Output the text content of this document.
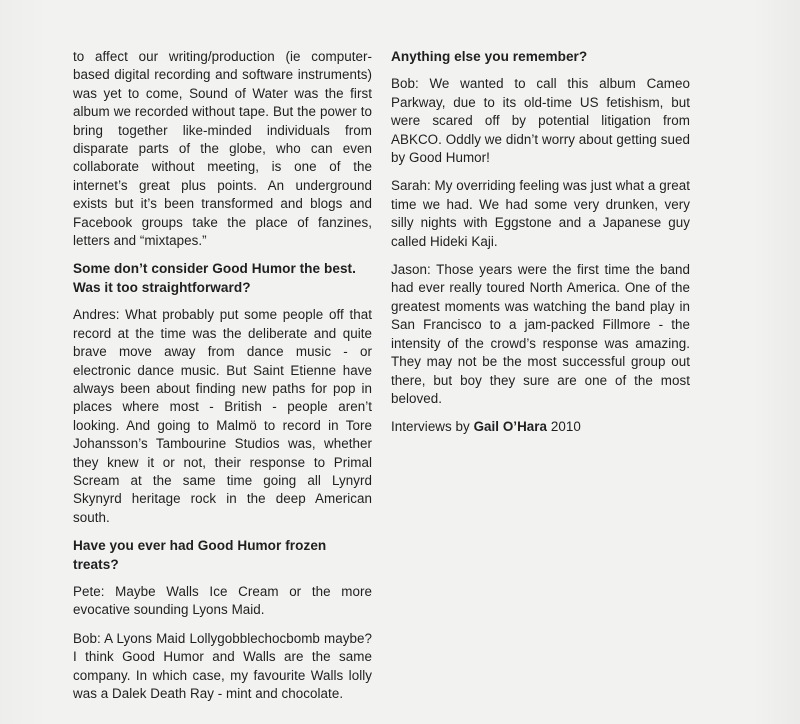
to affect our writing/production (ie computer-based digital recording and software instruments) was yet to come, Sound of Water was the first album we recorded without tape. But the power to bring together like-minded individuals from disparate parts of the globe, who can even collaborate without meeting, is one of the internet’s great plus points. An underground exists but it’s been transformed and blogs and Facebook groups take the place of fanzines, letters and “mixtapes.”

Some don’t consider Good Humor the best. Was it too straightforward?

Andres: What probably put some people off that record at the time was the deliberate and quite brave move away from dance music - or electronic dance music. But Saint Etienne have always been about finding new paths for pop in places where most - British - people aren’t looking. And going to Malmö to record in Tore Johansson’s Tambourine Studios was, whether they knew it or not, their response to Primal Scream at the same time going all Lynyrd Skynyrd heritage rock in the deep American south.

Have you ever had Good Humor frozen treats?

Pete: Maybe Walls Ice Cream or the more evocative sounding Lyons Maid.

Bob: A Lyons Maid Lollygobblechocbomb maybe? I think Good Humor and Walls are the same company. In which case, my favourite Walls lolly was a Dalek Death Ray - mint and chocolate.

Anything else you remember?

Bob: We wanted to call this album Cameo Parkway, due to its old-time US fetishism, but were scared off by potential litigation from ABKCO. Oddly we didn’t worry about getting sued by Good Humor!

Sarah: My overriding feeling was just what a great time we had. We had some very drunken, very silly nights with Eggstone and a Japanese guy called Hideki Kaji.

Jason: Those years were the first time the band had ever really toured North America. One of the greatest moments was watching the band play in San Francisco to a jam-packed Fillmore - the intensity of the crowd’s response was amazing. They may not be the most successful group out there, but boy they sure are one of the most beloved.

Interviews by Gail O’Hara 2010
